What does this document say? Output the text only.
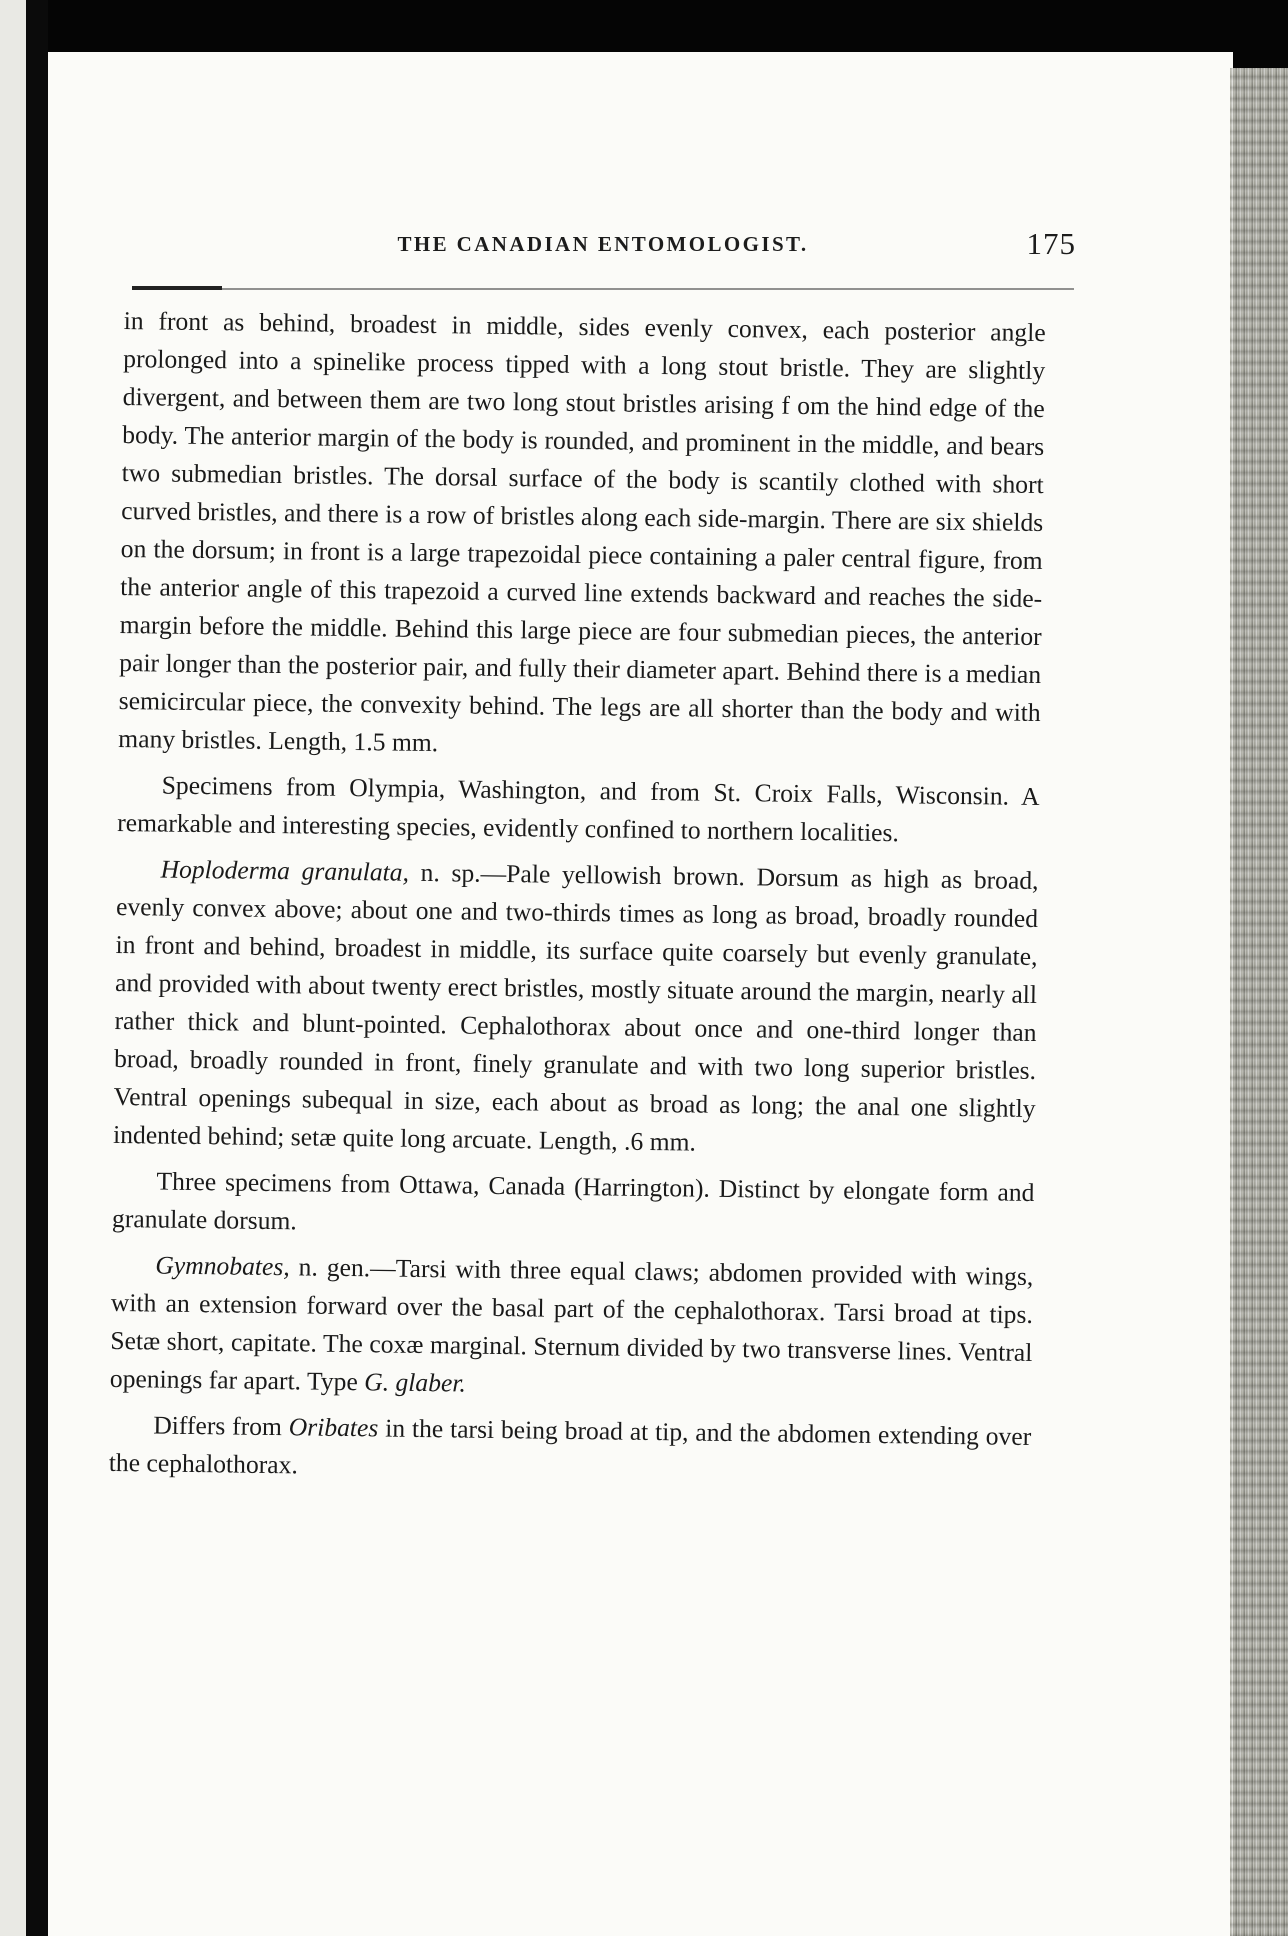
THE CANADIAN ENTOMOLOGIST.	175

in front as behind, broadest in middle, sides evenly convex, each posterior angle prolonged into a spinelike process tipped with a long stout bristle. They are slightly divergent, and between them are two long stout bristles arising f om the hind edge of the body. The anterior margin of the body is rounded, and prominent in the middle, and bears two submedian bristles. The dorsal surface of the body is scantily clothed with short curved bristles, and there is a row of bristles along each side-margin. There are six shields on the dorsum; in front is a large trapezoidal piece containing a paler central figure, from the anterior angle of this trapezoid a curved line extends backward and reaches the side-margin before the middle. Behind this large piece are four submedian pieces, the anterior pair longer than the posterior pair, and fully their diameter apart. Behind there is a median semicircular piece, the convexity behind. The legs are all shorter than the body and with many bristles. Length, 1.5 mm.

Specimens from Olympia, Washington, and from St. Croix Falls, Wisconsin. A remarkable and interesting species, evidently confined to northern localities.

Hoploderma granulata, n. sp.—Pale yellowish brown. Dorsum as high as broad, evenly convex above; about one and two-thirds times as long as broad, broadly rounded in front and behind, broadest in middle, its surface quite coarsely but evenly granulate, and provided with about twenty erect bristles, mostly situate around the margin, nearly all rather thick and blunt-pointed. Cephalothorax about once and one-third longer than broad, broadly rounded in front, finely granulate and with two long superior bristles. Ventral openings subequal in size, each about as broad as long; the anal one slightly indented behind; setæ quite long arcuate. Length, .6 mm.

Three specimens from Ottawa, Canada (Harrington). Distinct by elongate form and granulate dorsum.

Gymnobates, n. gen.—Tarsi with three equal claws; abdomen provided with wings, with an extension forward over the basal part of the cephalothorax. Tarsi broad at tips. Setæ short, capitate. The coxæ marginal. Sternum divided by two transverse lines. Ventral openings far apart. Type G. glaber.

Differs from Oribates in the tarsi being broad at tip, and the abdomen extending over the cephalothorax.
